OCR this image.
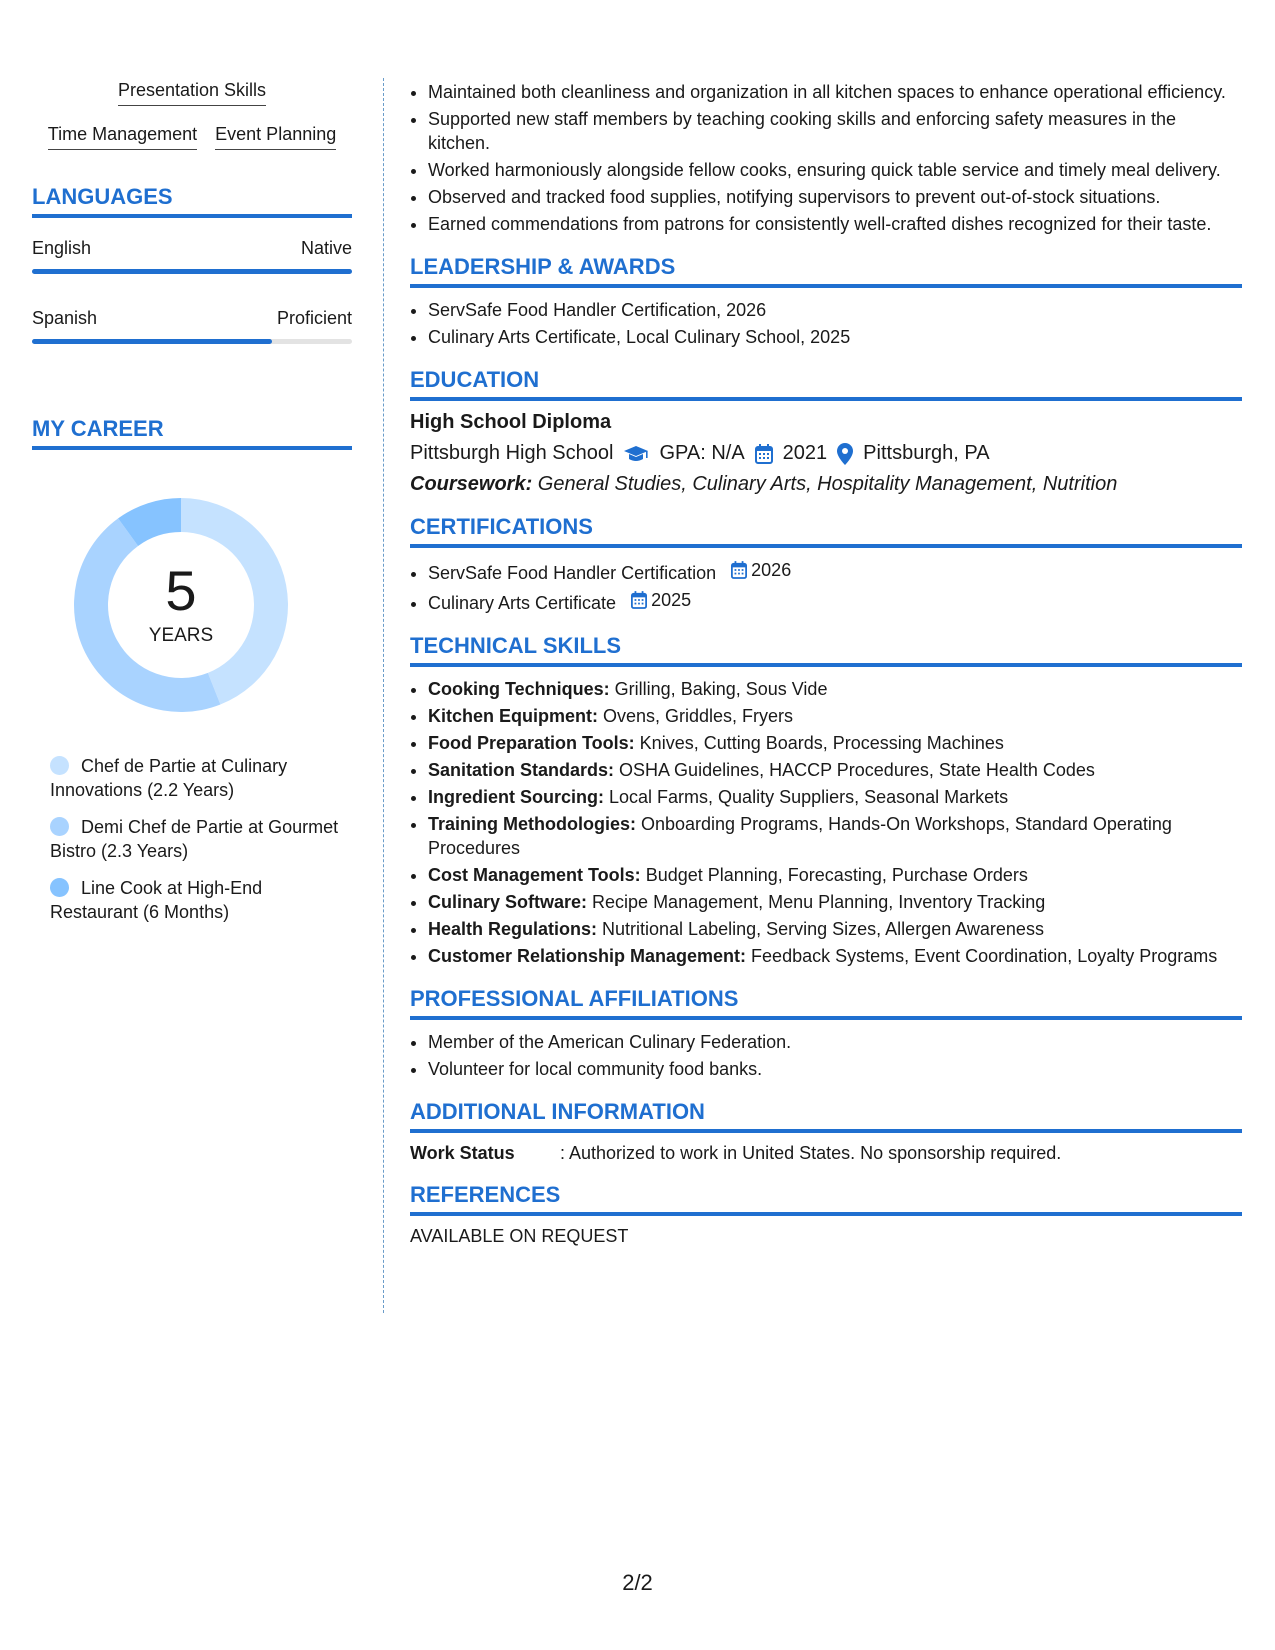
Presentation Skills
Time Management Event Planning
LANGUAGES
English	Native
Spanish	Proficient
MY CAREER
5
YEARS
Chef de Partie at Culinary Innovations (2.2 Years)
Demi Chef de Partie at Gourmet Bistro (2.3 Years)
Line Cook at High-End Restaurant (6 Months)
• Maintained both cleanliness and organization in all kitchen spaces to enhance operational efficiency.
• Supported new staff members by teaching cooking skills and enforcing safety measures in the kitchen.
• Worked harmoniously alongside fellow cooks, ensuring quick table service and timely meal delivery.
• Observed and tracked food supplies, notifying supervisors to prevent out-of-stock situations.
• Earned commendations from patrons for consistently well-crafted dishes recognized for their taste.
LEADERSHIP & AWARDS
• ServSafe Food Handler Certification, 2026
• Culinary Arts Certificate, Local Culinary School, 2025
EDUCATION
High School Diploma
Pittsburgh High School GPA: N/A 2021 Pittsburgh, PA
Coursework: General Studies, Culinary Arts, Hospitality Management, Nutrition
CERTIFICATIONS
• ServSafe Food Handler Certification 2026
• Culinary Arts Certificate 2025
TECHNICAL SKILLS
• Cooking Techniques: Grilling, Baking, Sous Vide
• Kitchen Equipment: Ovens, Griddles, Fryers
• Food Preparation Tools: Knives, Cutting Boards, Processing Machines
• Sanitation Standards: OSHA Guidelines, HACCP Procedures, State Health Codes
• Ingredient Sourcing: Local Farms, Quality Suppliers, Seasonal Markets
• Training Methodologies: Onboarding Programs, Hands-On Workshops, Standard Operating Procedures
• Cost Management Tools: Budget Planning, Forecasting, Purchase Orders
• Culinary Software: Recipe Management, Menu Planning, Inventory Tracking
• Health Regulations: Nutritional Labeling, Serving Sizes, Allergen Awareness
• Customer Relationship Management: Feedback Systems, Event Coordination, Loyalty Programs
PROFESSIONAL AFFILIATIONS
• Member of the American Culinary Federation.
• Volunteer for local community food banks.
ADDITIONAL INFORMATION
Work Status	: Authorized to work in United States. No sponsorship required.
REFERENCES
AVAILABLE ON REQUEST
2/2
